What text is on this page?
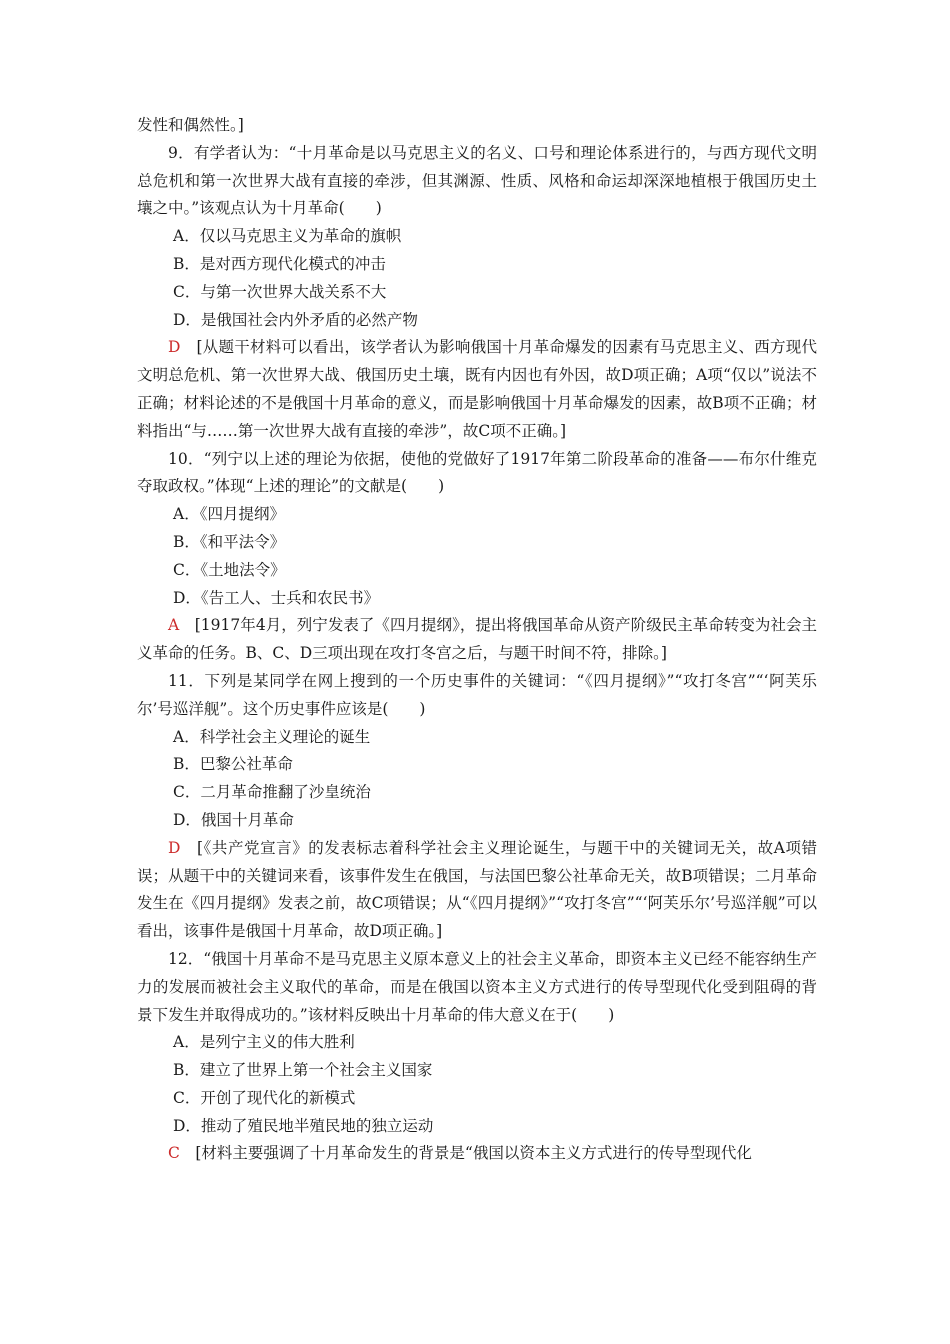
发性和偶然性。]

9．有学者认为：“十月革命是以马克思主义的名义、口号和理论体系进行的，与西方现代文明总危机和第一次世界大战有直接的牵涉，但其渊源、性质、风格和命运却深深地植根于俄国历史土壤之中。”该观点认为十月革命(　　)

A．仅以马克思主义为革命的旗帜

B．是对西方现代化模式的冲击

C．与第一次世界大战关系不大

D．是俄国社会内外矛盾的必然产物

D　[从题干材料可以看出，该学者认为影响俄国十月革命爆发的因素有马克思主义、西方现代文明总危机、第一次世界大战、俄国历史土壤，既有内因也有外因，故D项正确；A项“仅以”说法不正确；材料论述的不是俄国十月革命的意义，而是影响俄国十月革命爆发的因素，故B项不正确；材料指出“与……第一次世界大战有直接的牵涉”，故C项不正确。]

10．“列宁以上述的理论为依据，使他的党做好了1917年第二阶段革命的准备——布尔什维克夺取政权。”体现“上述的理论”的文献是(　　)

A．《四月提纲》

B．《和平法令》

C．《土地法令》

D．《告工人、士兵和农民书》

A　[1917年4月，列宁发表了《四月提纲》，提出将俄国革命从资产阶级民主革命转变为社会主义革命的任务。B、C、D三项出现在攻打冬宫之后，与题干时间不符，排除。]

11．下列是某同学在网上搜到的一个历史事件的关键词：“《四月提纲》”“攻打冬宫”“‘阿芙乐尔’号巡洋舰”。这个历史事件应该是(　　)

A．科学社会主义理论的诞生

B．巴黎公社革命

C．二月革命推翻了沙皇统治

D．俄国十月革命

D　[《共产党宣言》的发表标志着科学社会主义理论诞生，与题干中的关键词无关，故A项错误；从题干中的关键词来看，该事件发生在俄国，与法国巴黎公社革命无关，故B项错误；二月革命发生在《四月提纲》发表之前，故C项错误；从“《四月提纲》”“攻打冬宫”“‘阿芙乐尔’号巡洋舰”可以看出，该事件是俄国十月革命，故D项正确。]

12．“俄国十月革命不是马克思主义原本意义上的社会主义革命，即资本主义已经不能容纳生产力的发展而被社会主义取代的革命，而是在俄国以资本主义方式进行的传导型现代化受到阻碍的背景下发生并取得成功的。”该材料反映出十月革命的伟大意义在于(　　)

A．是列宁主义的伟大胜利

B．建立了世界上第一个社会主义国家

C．开创了现代化的新模式

D．推动了殖民地半殖民地的独立运动

C　[材料主要强调了十月革命发生的背景是“俄国以资本主义方式进行的传导型现代化
